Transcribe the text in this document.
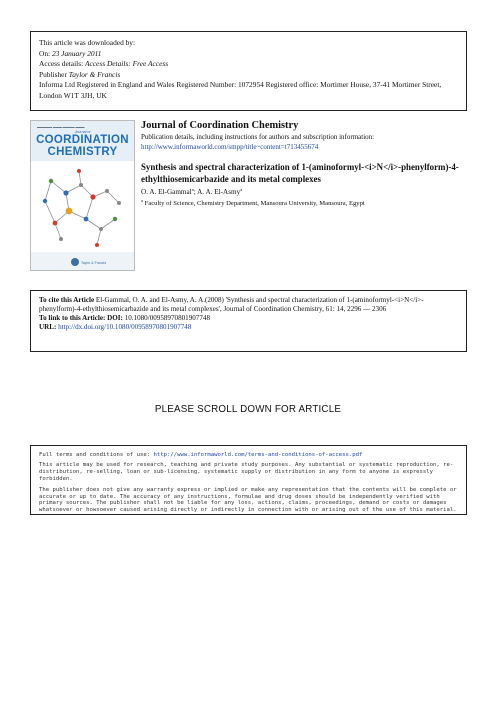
This article was downloaded by:
On: 23 January 2011
Access details: Access Details: Free Access
Publisher Taylor & Francis
Informa Ltd Registered in England and Wales Registered Number: 1072954 Registered office: Mortimer House, 37-41 Mortimer Street, London W1T 3JH, UK
▬▬▬▬▬ ▬▬▬ ▬▬▬▬ ▬▬▬
Journal of
COORDINATION
CHEMISTRY
Taylor & Francis
Journal of Coordination Chemistry
Publication details, including instructions for authors and subscription information:
http://www.informaworld.com/smpp/title~content=t713455674
Synthesis and spectral characterization of 1-(aminoformyl-<i>N</i>-phenylform)-4-ethylthiosemicarbazide and its metal complexes
O. A. El-Gammal$^a$; A. A. El-Asmy$^a$
$^a$ Faculty of Science, Chemistry Department, Mansoura University, Mansoura, Egypt
To cite this Article El-Gammal, O. A. and El-Asmy, A. A.(2008) 'Synthesis and spectral characterization of 1-(aminoformyl-<i>N</i>-phenylform)-4-ethylthiosemicarbazide and its metal complexes', Journal of Coordination Chemistry, 61: 14, 2296 — 2306
To link to this Article: DOI: 10.1080/00958970801907748
URL: http://dx.doi.org/10.1080/00958970801907748
PLEASE SCROLL DOWN FOR ARTICLE

Full terms and conditions of use: http://www.informaworld.com/terms-and-conditions-of-access.pdf

This article may be used for research, teaching and private study purposes. Any substantial or systematic reproduction, re-distribution, re-selling, loan or sub-licensing, systematic supply or distribution in any form to anyone is expressly forbidden.

The publisher does not give any warranty express or implied or make any representation that the contents will be complete or accurate or up to date. The accuracy of any instructions, formulae and drug doses should be independently verified with primary sources. The publisher shall not be liable for any loss, actions, claims, proceedings, demand or costs or damages whatsoever or howsoever caused arising directly or indirectly in connection with or arising out of the use of this material.
